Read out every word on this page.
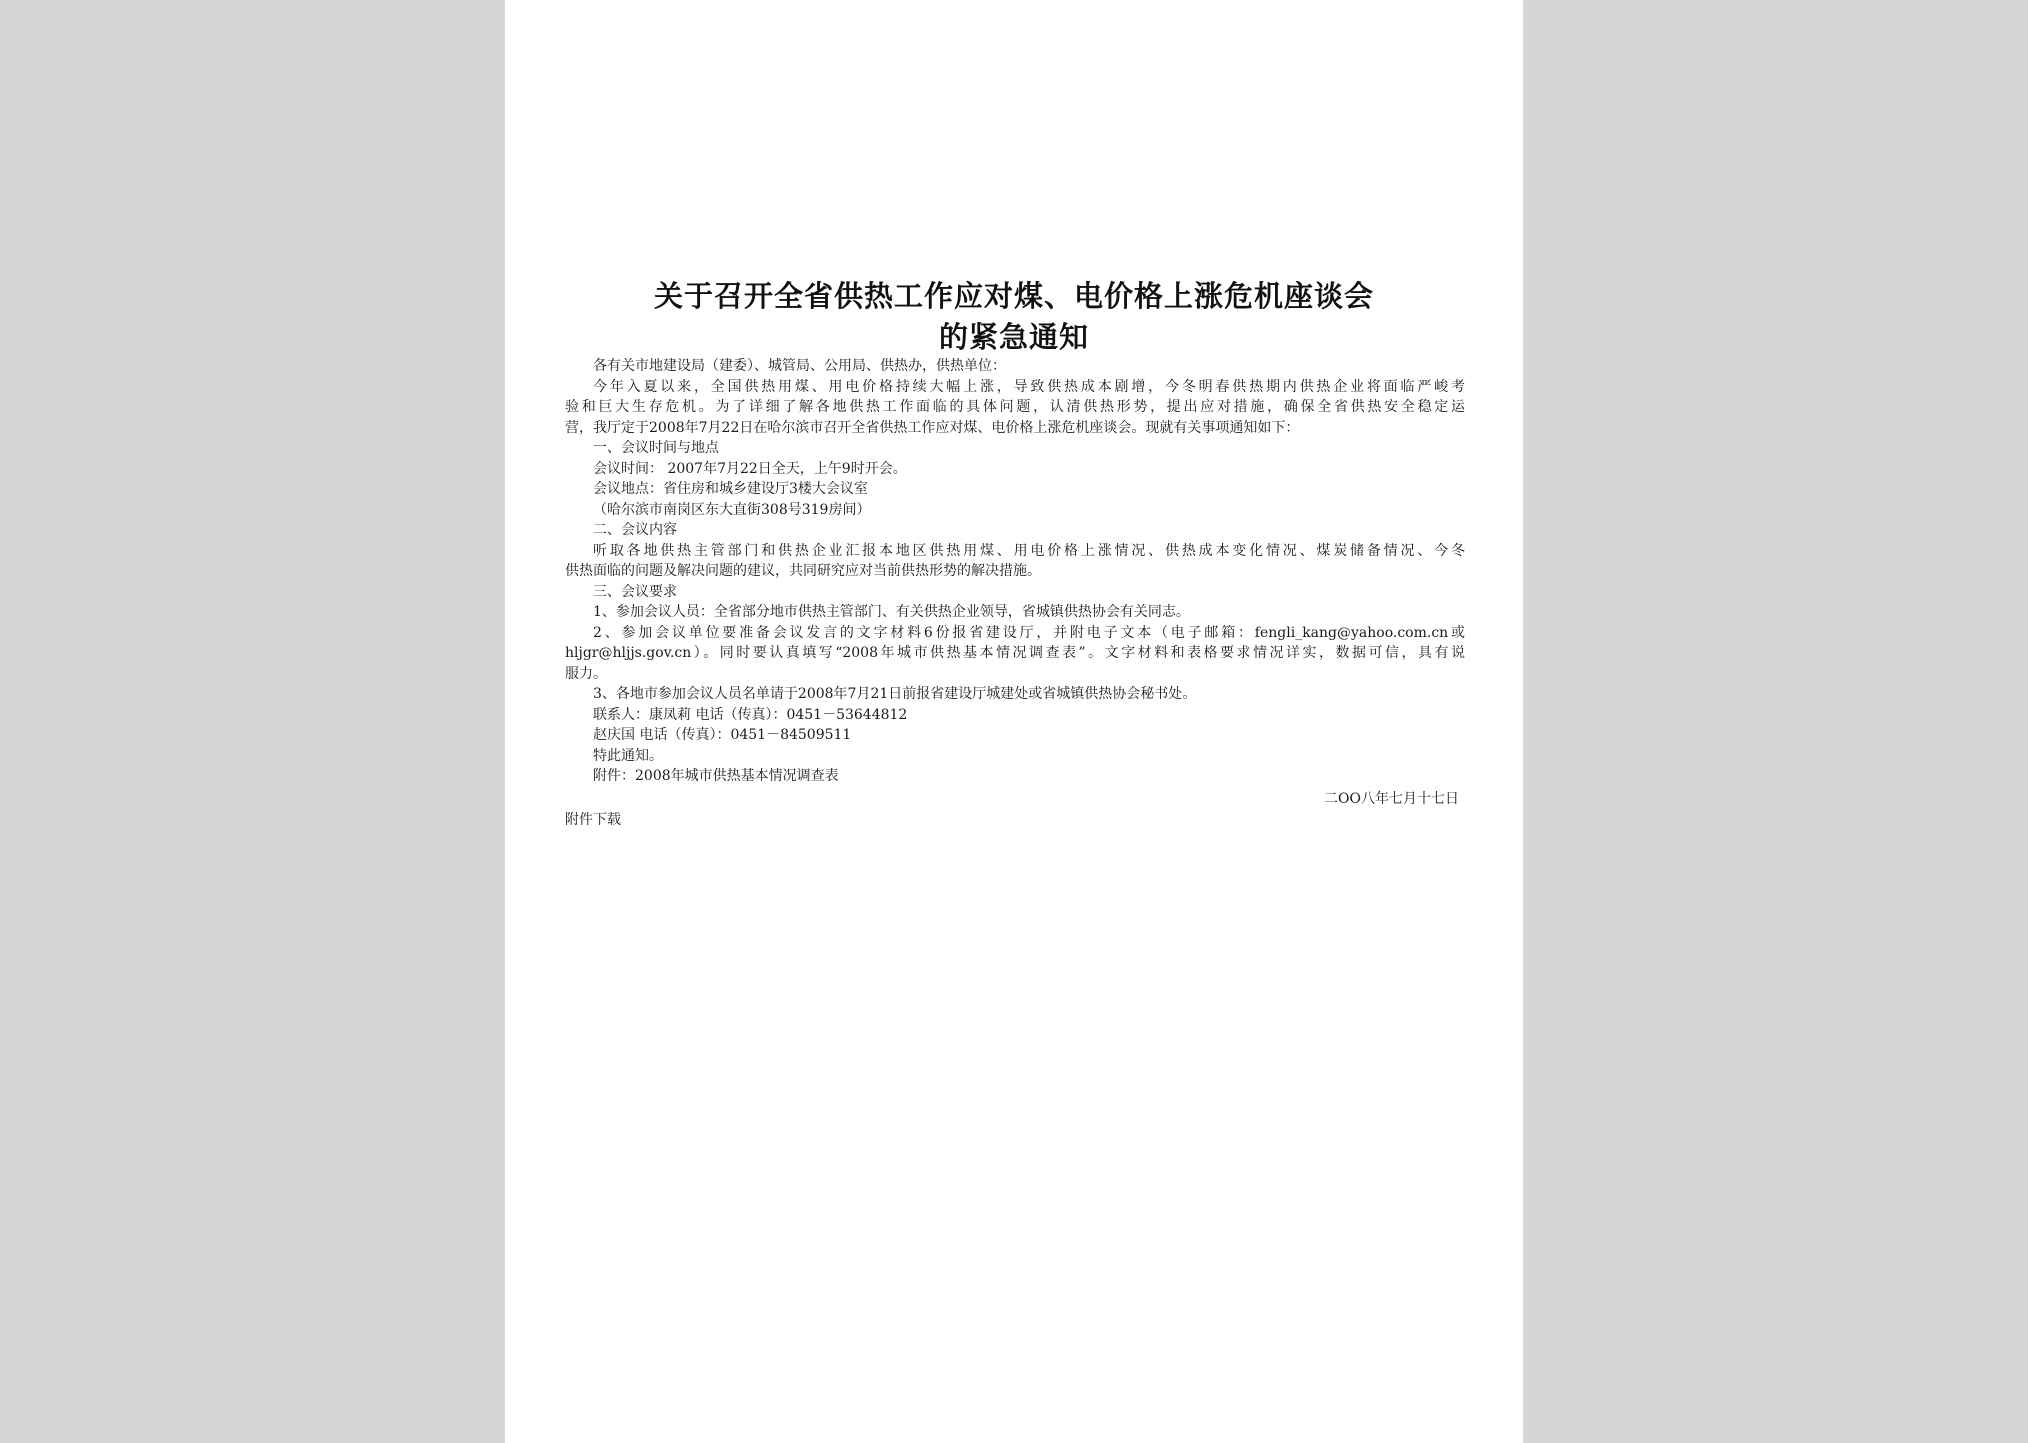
关于召开全省供热工作应对煤、电价格上涨危机座谈会
的紧急通知
各有关市地建设局（建委）、城管局、公用局、供热办，供热单位：
今年入夏以来，全国供热用煤、用电价格持续大幅上涨，导致供热成本剧增，今冬明春供热期内供热企业将面临严峻考
验和巨大生存危机。为了详细了解各地供热工作面临的具体问题，认清供热形势，提出应对措施，确保全省供热安全稳定运
营，我厅定于2008年7月22日在哈尔滨市召开全省供热工作应对煤、电价格上涨危机座谈会。现就有关事项通知如下：
一、会议时间与地点
会议时间： 2007年7月22日全天，上午9时开会。
会议地点：省住房和城乡建设厅3楼大会议室
（哈尔滨市南岗区东大直街308号319房间）
二、会议内容
听取各地供热主管部门和供热企业汇报本地区供热用煤、用电价格上涨情况、供热成本变化情况、煤炭储备情况、今冬
供热面临的问题及解决问题的建议，共同研究应对当前供热形势的解决措施。
三、会议要求
1、参加会议人员：全省部分地市供热主管部门、有关供热企业领导，省城镇供热协会有关同志。
2、参加会议单位要准备会议发言的文字材料6份报省建设厅，并附电子文本（电子邮箱：fengli_kang@yahoo.com.cn或
hljgr@hljjs.gov.cn）。同时要认真填写“2008年城市供热基本情况调查表”。文字材料和表格要求情况详实，数据可信，具有说
服力。
3、各地市参加会议人员名单请于2008年7月21日前报省建设厅城建处或省城镇供热协会秘书处。
联系人：康凤莉 电话（传真）：0451－53644812
赵庆国 电话（传真）：0451－84509511
特此通知。
附件：2008年城市供热基本情况调查表
二OO八年七月十七日
附件下载
